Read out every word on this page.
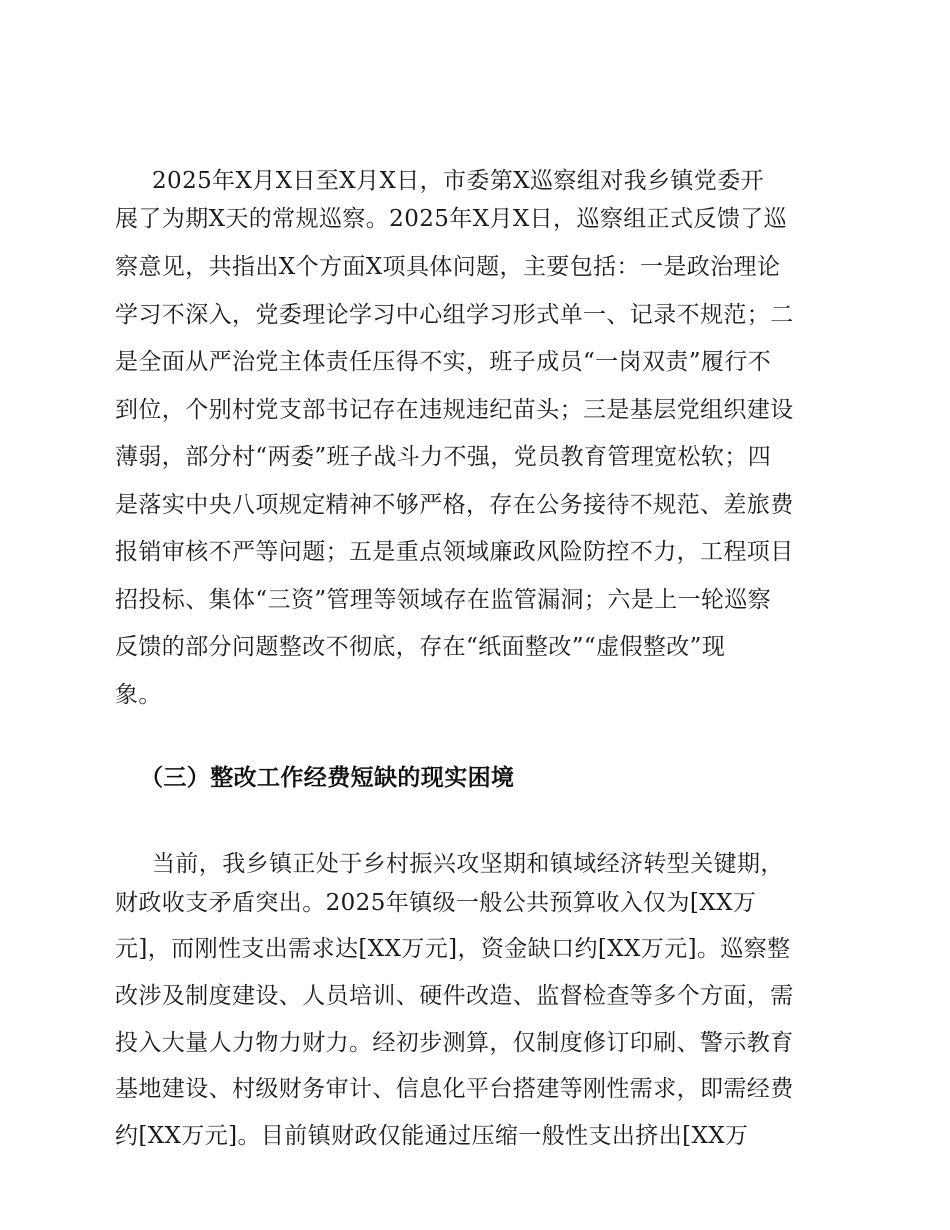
2025年X月X日至X月X日，市委第X巡察组对我乡镇党委开
展了为期X天的常规巡察。2025年X月X日，巡察组正式反馈了巡
察意见，共指出X个方面X项具体问题，主要包括：一是政治理论
学习不深入，党委理论学习中心组学习形式单一、记录不规范；二
是全面从严治党主体责任压得不实，班子成员“一岗双责”履行不
到位，个别村党支部书记存在违规违纪苗头；三是基层党组织建设
薄弱，部分村“两委”班子战斗力不强，党员教育管理宽松软；四
是落实中央八项规定精神不够严格，存在公务接待不规范、差旅费
报销审核不严等问题；五是重点领域廉政风险防控不力，工程项目
招投标、集体“三资”管理等领域存在监管漏洞；六是上一轮巡察
反馈的部分问题整改不彻底，存在“纸面整改”“虚假整改”现
象。
（三）整改工作经费短缺的现实困境
当前，我乡镇正处于乡村振兴攻坚期和镇域经济转型关键期，
财政收支矛盾突出。2025年镇级一般公共预算收入仅为[XX万
元]，而刚性支出需求达[XX万元]，资金缺口约[XX万元]。巡察整
改涉及制度建设、人员培训、硬件改造、监督检查等多个方面，需
投入大量人力物力财力。经初步测算，仅制度修订印刷、警示教育
基地建设、村级财务审计、信息化平台搭建等刚性需求，即需经费
约[XX万元]。目前镇财政仅能通过压缩一般性支出挤出[XX万
